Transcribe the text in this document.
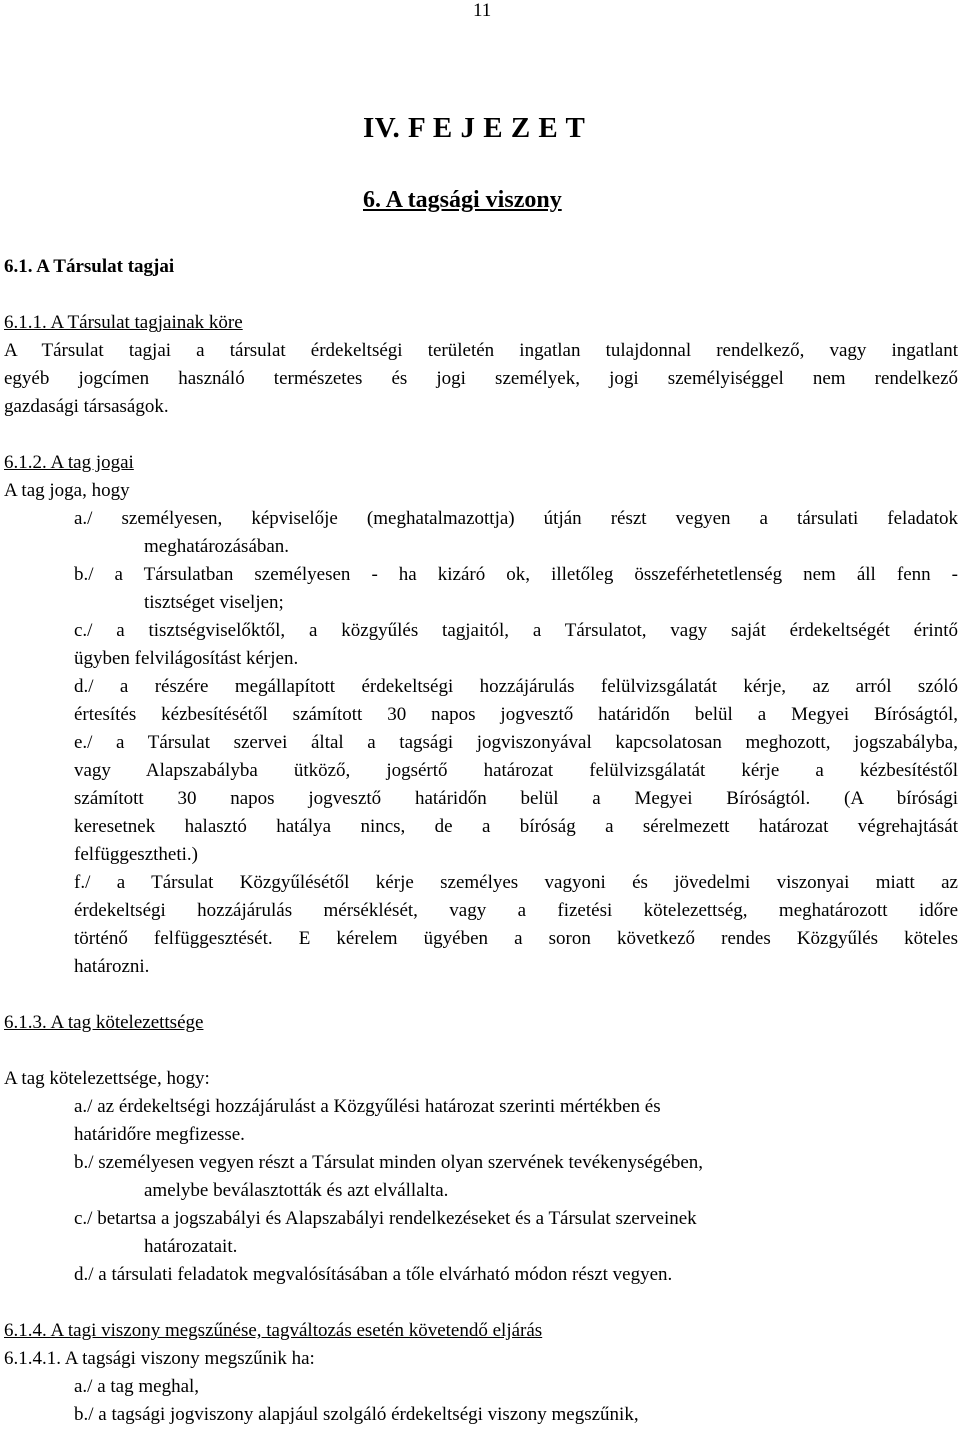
11
IV. F E J E Z E T
6. A tagsági viszony
6.1. A Társulat tagjai
6.1.1. A Társulat tagjainak köre
A Társulat tagjai a társulat érdekeltségi területén ingatlan tulajdonnal rendelkező, vagy ingatlant
egyéb jogcímen használó természetes és jogi személyek, jogi személyiséggel nem rendelkező
gazdasági társaságok.
6.1.2. A tag jogai
A tag joga, hogy
a./ személyesen, képviselője (meghatalmazottja) útján részt vegyen a társulati feladatok
meghatározásában.
b./ a Társulatban személyesen - ha kizáró ok, illetőleg összeférhetetlenség nem áll fenn -
tisztséget viseljen;
c./ a tisztségviselőktől, a közgyűlés tagjaitól, a Társulatot, vagy saját érdekeltségét érintő
ügyben felvilágosítást kérjen.
d./ a részére megállapított érdekeltségi hozzájárulás felülvizsgálatát kérje, az arról szóló
értesítés kézbesítésétől számított 30 napos jogvesztő határidőn belül a Megyei Bíróságtól,
e./ a Társulat szervei által a tagsági jogviszonyával kapcsolatosan meghozott, jogszabályba,
vagy Alapszabályba ütköző, jogsértő határozat felülvizsgálatát kérje a kézbesítéstől
számított 30 napos jogvesztő határidőn belül a Megyei Bíróságtól. (A bírósági
keresetnek halasztó hatálya nincs, de a bíróság a sérelmezett határozat végrehajtását
felfüggesztheti.)
f./ a Társulat Közgyűlésétől kérje személyes vagyoni és jövedelmi viszonyai miatt az
érdekeltségi hozzájárulás mérséklését, vagy a fizetési kötelezettség, meghatározott időre
történő felfüggesztését. E kérelem ügyében a soron következő rendes Közgyűlés köteles
határozni.
6.1.3. A tag kötelezettsége
A tag kötelezettsége, hogy:
a./ az érdekeltségi hozzájárulást a Közgyűlési határozat szerinti mértékben és
határidőre megfizesse.
b./ személyesen vegyen részt a Társulat minden olyan szervének tevékenységében,
amelybe beválasztották és azt elvállalta.
c./ betartsa a jogszabályi és Alapszabályi rendelkezéseket és a Társulat szerveinek
határozatait.
d./ a társulati feladatok megvalósításában a tőle elvárható módon részt vegyen.
6.1.4. A tagi viszony megszűnése, tagváltozás esetén követendő eljárás
6.1.4.1. A tagsági viszony megszűnik ha:
a./ a tag meghal,
b./ a tagsági jogviszony alapjául szolgáló érdekeltségi viszony megszűnik,
